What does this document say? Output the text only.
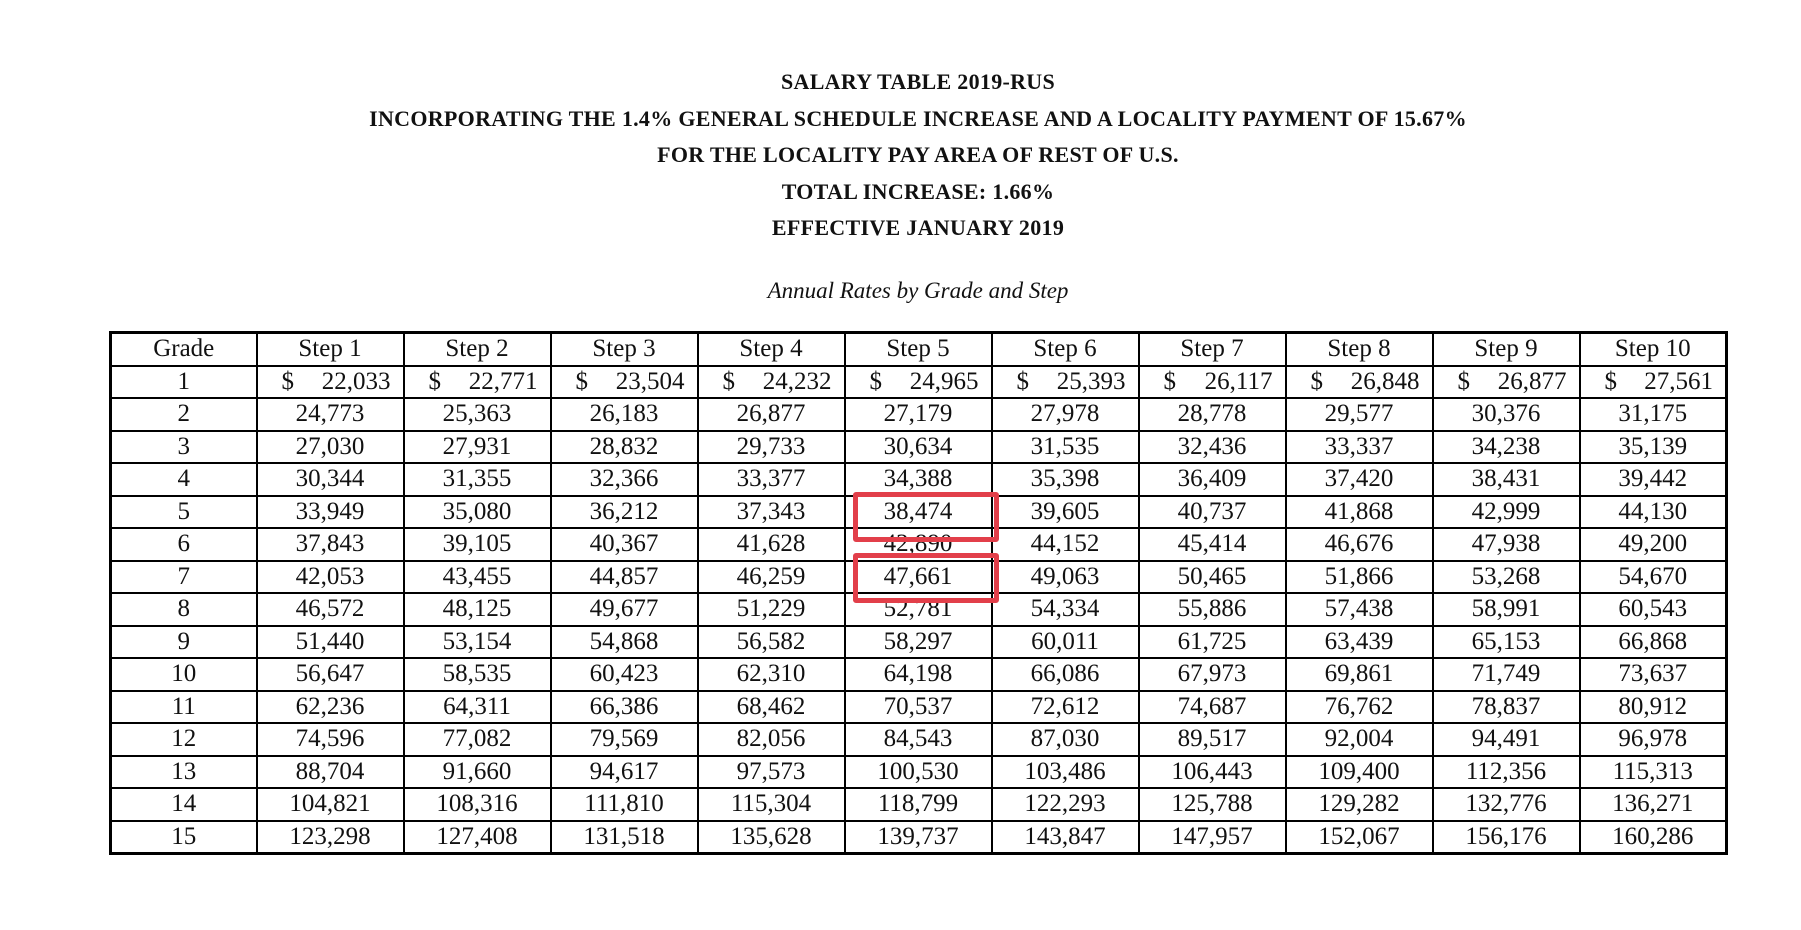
SALARY TABLE 2019-RUS
INCORPORATING THE 1.4% GENERAL SCHEDULE INCREASE AND A LOCALITY PAYMENT OF 15.67%
FOR THE LOCALITY PAY AREA OF REST OF U.S.
TOTAL INCREASE: 1.66%
EFFECTIVE JANUARY 2019
Annual Rates by Grade and Step
Grade	Step 1	Step 2	Step 3	Step 4	Step 5	Step 6	Step 7	Step 8	Step 9	Step 10
1	$ 22,033	$ 22,771	$ 23,504	$ 24,232	$ 24,965	$ 25,393	$ 26,117	$ 26,848	$ 26,877	$ 27,561

2	24,773	25,363	26,183	26,877	27,179	27,978	28,778	29,577	30,376	31,175
3	27,030	27,931	28,832	29,733	30,634	31,535	32,436	33,337	34,238	35,139
4	30,344	31,355	32,366	33,377	34,388	35,398	36,409	37,420	38,431	39,442
5	33,949	35,080	36,212	37,343	38,474	39,605	40,737	41,868	42,999	44,130
6	37,843	39,105	40,367	41,628	42,890	44,152	45,414	46,676	47,938	49,200
7	42,053	43,455	44,857	46,259	47,661	49,063	50,465	51,866	53,268	54,670
8	46,572	48,125	49,677	51,229	52,781	54,334	55,886	57,438	58,991	60,543
9	51,440	53,154	54,868	56,582	58,297	60,011	61,725	63,439	65,153	66,868
10	56,647	58,535	60,423	62,310	64,198	66,086	67,973	69,861	71,749	73,637
11	62,236	64,311	66,386	68,462	70,537	72,612	74,687	76,762	78,837	80,912
12	74,596	77,082	79,569	82,056	84,543	87,030	89,517	92,004	94,491	96,978
13	88,704	91,660	94,617	97,573	100,530	103,486	106,443	109,400	112,356	115,313
14	104,821	108,316	111,810	115,304	118,799	122,293	125,788	129,282	132,776	136,271
15	123,298	127,408	131,518	135,628	139,737	143,847	147,957	152,067	156,176	160,286
